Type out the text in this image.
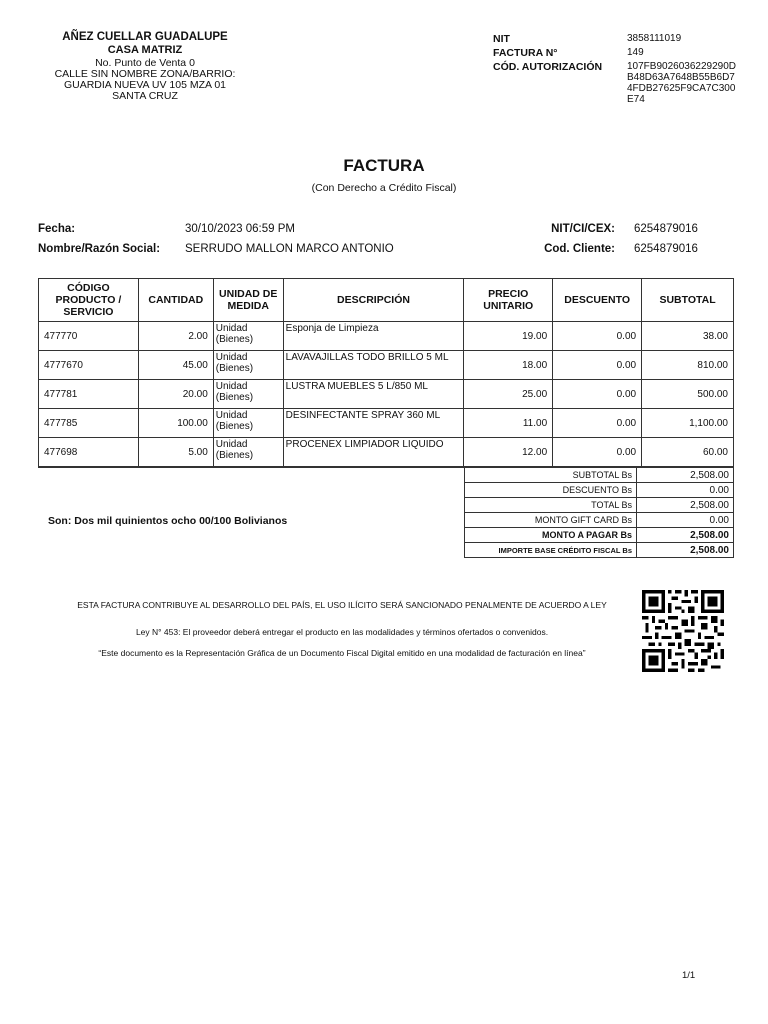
AÑEZ CUELLAR GUADALUPE
CASA MATRIZ
No. Punto de Venta 0
CALLE SIN NOMBRE ZONA/BARRIO:
GUARDIA NUEVA UV 105 MZA 01
SANTA CRUZ
NIT	3858111019
FACTURA N°	149
CÓD. AUTORIZACIÓN	107FB9026036229290DB48D63A7648B55B6D74FDB27625F9CA7C300E74
FACTURA
(Con Derecho a Crédito Fiscal)
Fecha:	30/10/2023 06:59 PM
Nombre/Razón Social: SERRUDO MALLON MARCO ANTONIO
NIT/CI/CEX: 6254879016
Cod. Cliente: 6254879016
CÓDIGO PRODUCTO / SERVICIO	CANTIDAD	UNIDAD DE MEDIDA	DESCRIPCIÓN	PRECIO UNITARIO	DESCUENTO	SUBTOTAL
477770	2.00	Unidad (Bienes)	Esponja de Limpieza	19.00	0.00	38.00
4777670	45.00	Unidad (Bienes)	LAVAVAJILLAS TODO BRILLO 5 ML	18.00	0.00	810.00
477781	20.00	Unidad (Bienes)	LUSTRA MUEBLES 5 L/850 ML	25.00	0.00	500.00
477785	100.00	Unidad (Bienes)	DESINFECTANTE SPRAY 360 ML	11.00	0.00	1,100.00
477698	5.00	Unidad (Bienes)	PROCENEX LIMPIADOR LIQUIDO	12.00	0.00	60.00
SUBTOTAL Bs	2,508.00
DESCUENTO Bs	0.00
TOTAL Bs	2,508.00
MONTO GIFT CARD Bs	0.00
MONTO A PAGAR Bs	2,508.00
IMPORTE BASE CRÉDITO FISCAL Bs	2,508.00
Son: Dos mil quinientos ocho 00/100 Bolivianos
ESTA FACTURA CONTRIBUYE AL DESARROLLO DEL PAÍS, EL USO ILÍCITO SERÁ SANCIONADO PENALMENTE DE ACUERDO A LEY
Ley N° 453: El proveedor deberá entregar el producto en las modalidades y términos ofertados o convenidos.
“Este documento es la Representación Gráfica de un Documento Fiscal Digital emitido en una modalidad de facturación en línea”
1/1
